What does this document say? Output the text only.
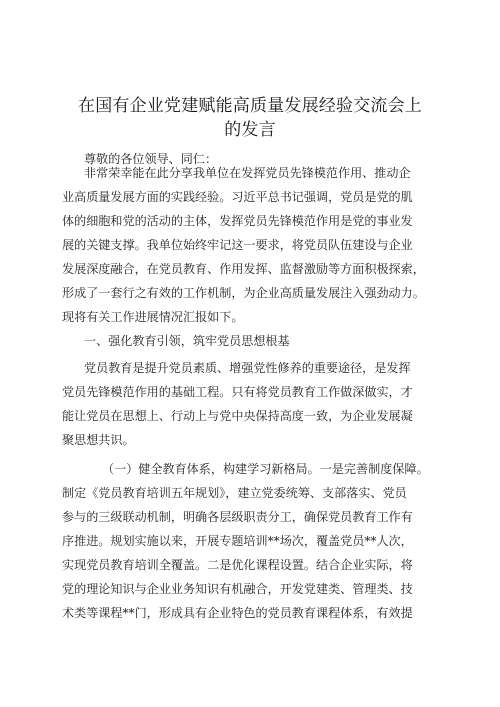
在国有企业党建赋能高质量发展经验交流会上
的发言
尊敬的各位领导、同仁：
非常荣幸能在此分享我单位在发挥党员先锋模范作用、推动企
业高质量发展方面的实践经验。习近平总书记强调，党员是党的肌
体的细胞和党的活动的主体，发挥党员先锋模范作用是党的事业发
展的关键支撑。我单位始终牢记这一要求，将党员队伍建设与企业
发展深度融合，在党员教育、作用发挥、监督激励等方面积极探索，
形成了一套行之有效的工作机制，为企业高质量发展注入强劲动力。
现将有关工作进展情况汇报如下。
一、强化教育引领，筑牢党员思想根基
党员教育是提升党员素质、增强党性修养的重要途径，是发挥
党员先锋模范作用的基础工程。只有将党员教育工作做深做实，才
能让党员在思想上、行动上与党中央保持高度一致，为企业发展凝
聚思想共识。
（一）健全教育体系，构建学习新格局。一是完善制度保障。
制定《党员教育培训五年规划》，建立党委统筹、支部落实、党员
参与的三级联动机制，明确各层级职责分工，确保党员教育工作有
序推进。规划实施以来，开展专题培训**场次，覆盖党员**人次，
实现党员教育培训全覆盖。二是优化课程设置。结合企业实际，将
党的理论知识与企业业务知识有机融合，开发党建类、管理类、技
术类等课程**门，形成具有企业特色的党员教育课程体系，有效提
